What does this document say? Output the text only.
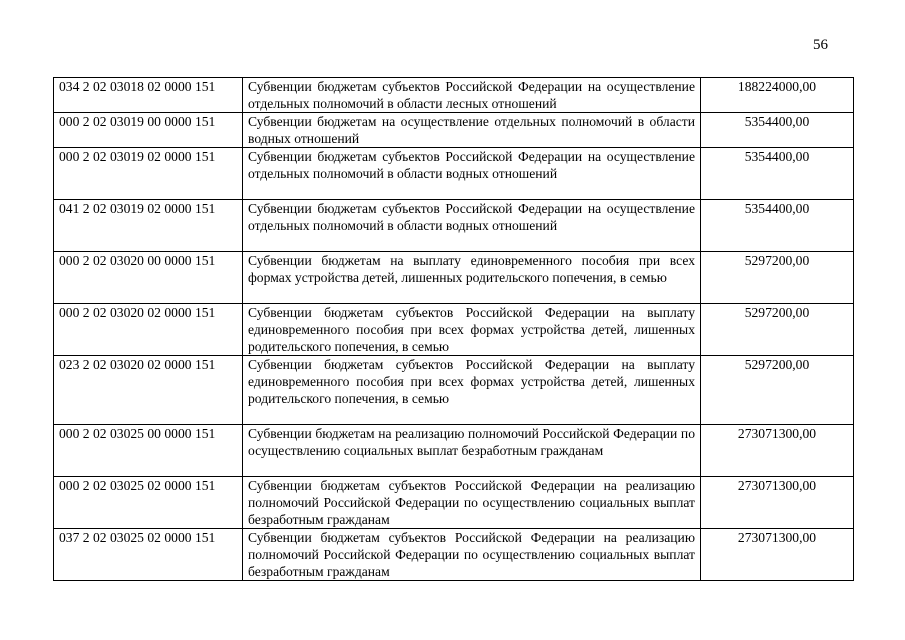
56
034 2 02 03018 02 0000 151	Субвенции бюджетам субъектов Российской Федерации на осуществление отдельных полномочий в области лесных отношений	188224000,00
000 2 02 03019 00 0000 151	Субвенции бюджетам на осуществление отдельных полномочий в области водных отношений	5354400,00
000 2 02 03019 02 0000 151	Субвенции бюджетам субъектов Российской Федерации на осуществление отдельных полномочий в области водных отношений	5354400,00
041 2 02 03019 02 0000 151	Субвенции бюджетам субъектов Российской Федерации на осуществление отдельных полномочий в области водных отношений	5354400,00
000 2 02 03020 00 0000 151	Субвенции бюджетам на выплату единовременного пособия при всех формах устройства детей, лишенных родительского попечения, в семью	5297200,00
000 2 02 03020 02 0000 151	Субвенции бюджетам субъектов Российской Федерации на выплату единовременного пособия при всех формах устройства детей, лишенных родительского попечения, в семью	5297200,00
023 2 02 03020 02 0000 151	Субвенции бюджетам субъектов Российской Федерации на выплату единовременного пособия при всех формах устройства детей, лишенных родительского попечения, в семью	5297200,00
000 2 02 03025 00 0000 151	Субвенции бюджетам на реализацию полномочий Российской Федерации по осуществлению социальных выплат безработным гражданам	273071300,00
000 2 02 03025 02 0000 151	Субвенции бюджетам субъектов Российской Федерации на реализацию полномочий Российской Федерации по осуществлению социальных выплат безработным гражданам	273071300,00
037 2 02 03025 02 0000 151	Субвенции бюджетам субъектов Российской Федерации на реализацию полномочий Российской Федерации по осуществлению социальных выплат безработным гражданам	273071300,00
